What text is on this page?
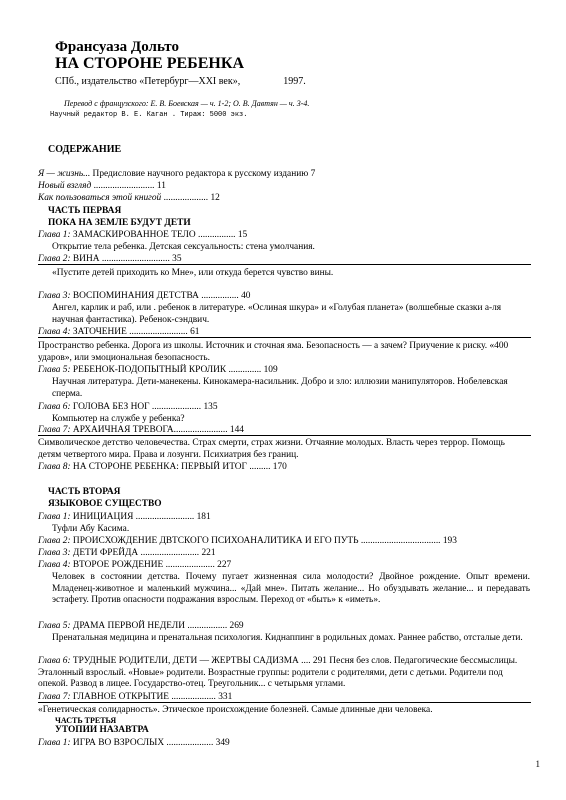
Франсуаза Дольто
НА СТОРОНЕ РЕБЕНКА
СПб., издательство «Петербург—XXI век»,	1997.
Перевод с французского: Е. В. Боевская — ч. 1-2; О. В. Давтян — ч. 3-4.
Научный редактор В. Е. Каган . Тираж: 5000 экз.
СОДЕРЖАНИЕ
Я — жизнь... Предисловие научного редактора к русскому изданию 7
Новый взгляд .......................... 11
Как пользоваться этой книгой ................... 12
ЧАСТЬ ПЕРВАЯ
ПОКА НА ЗЕМЛЕ БУДУТ ДЕТИ
Глава 1: ЗАМАСКИРОВАННОЕ ТЕЛО ................ 15
Открытие тела ребенка. Детская сексуальность: стена умолчания.
Глава 2: ВИНА ............................. 35
«Пустите детей приходить ко Мне», или откуда берется чувство вины.
Глава 3: ВОСПОМИНАНИЯ ДЕТСТВА ................ 40
Ангел, карлик и раб, или . ребенок в литературе. «Ослиная шкура» и «Голубая планета» (волшебные сказки а-ля научная фантастика). Ребенок-сэндвич.
Глава 4: ЗАТОЧЕНИЕ ......................... 61
Пространство ребенка. Дорога из школы. Источник и сточная яма. Безопасность — а зачем? Приучение к риску. «400 ударов», или эмоциональная безопасность.
Глава 5: РЕБЕНОК-ПОДОПЫТНЫЙ КРОЛИК .............. 109
Научная литература. Дети-манекены. Кинокамера-насильник. Добро и зло: иллюзии манипуляторов. Нобелевская сперма.
Глава 6: ГОЛОВА БЕЗ НОГ ..................... 135
Компьютер на службе у ребенка?
Глава 7: АРХАИЧНАЯ ТРЕВОГА....................... 144
Символическое детство человечества. Страх смерти, страх жизни. Отчаяние молодых. Власть через террор. Помощь детям четвертого мира. Права и лозунги. Психиатрия без границ.
Глава 8: НА СТОРОНЕ РЕБЕНКА: ПЕРВЫЙ ИТОГ ......... 170
ЧАСТЬ ВТОРАЯ
ЯЗЫКОВОЕ СУЩЕСТВО
Глава 1: ИНИЦИАЦИЯ ......................... 181
Туфли Абу Касима.
Глава 2: ПРОИСХОЖДЕНИЕ ДВТСКОГО ПСИХОАНАЛИТИКА И ЕГО ПУТЬ .................................. 193
Глава 3: ДЕТИ ФРЕЙДА ......................... 221
Глава 4: ВТОРОЕ РОЖДЕНИЕ ..................... 227
Человек в состоянии детства. Почему пугает жизненная сила молодости? Двойное рождение. Опыт времени. Младенец-животное и маленький мужчина... «Дай мне». Питать желание... Но обуздывать желание... и передавать эстафету. Против опасности подражания взрослым. Переход от «быть» к «иметь».
Глава 5: ДРАМА ПЕРВОЙ НЕДЕЛИ ................. 269
Пренатальная медицина и пренатальная психология. Киднаппинг в родильных домах. Раннее рабство, отсталые дети.
Глава 6: ТРУДНЫЕ РОДИТЕЛИ, ДЕТИ — ЖЕРТВЫ САДИЗМА .... 291 Песня без слов. Педагогические бессмыслицы. Эталонный взрослый. «Новые» родители. Возрастные группы: родители с родителями, дети с детьми. Родители под опекой. Развод в лицее. Государство-отец. Треугольник... с четырьмя углами.
Глава 7: ГЛАВНОЕ ОТКРЫТИЕ ................... 331
«Генетическая солидарность». Этическое происхождение болезней. Самые длинные дни человека.
ЧАСТЬ ТРЕТЬЯ
УТОПИИ НАЗАВТРА
Глава 1: ИГРА ВО ВЗРОСЛЫХ .................... 349
1
